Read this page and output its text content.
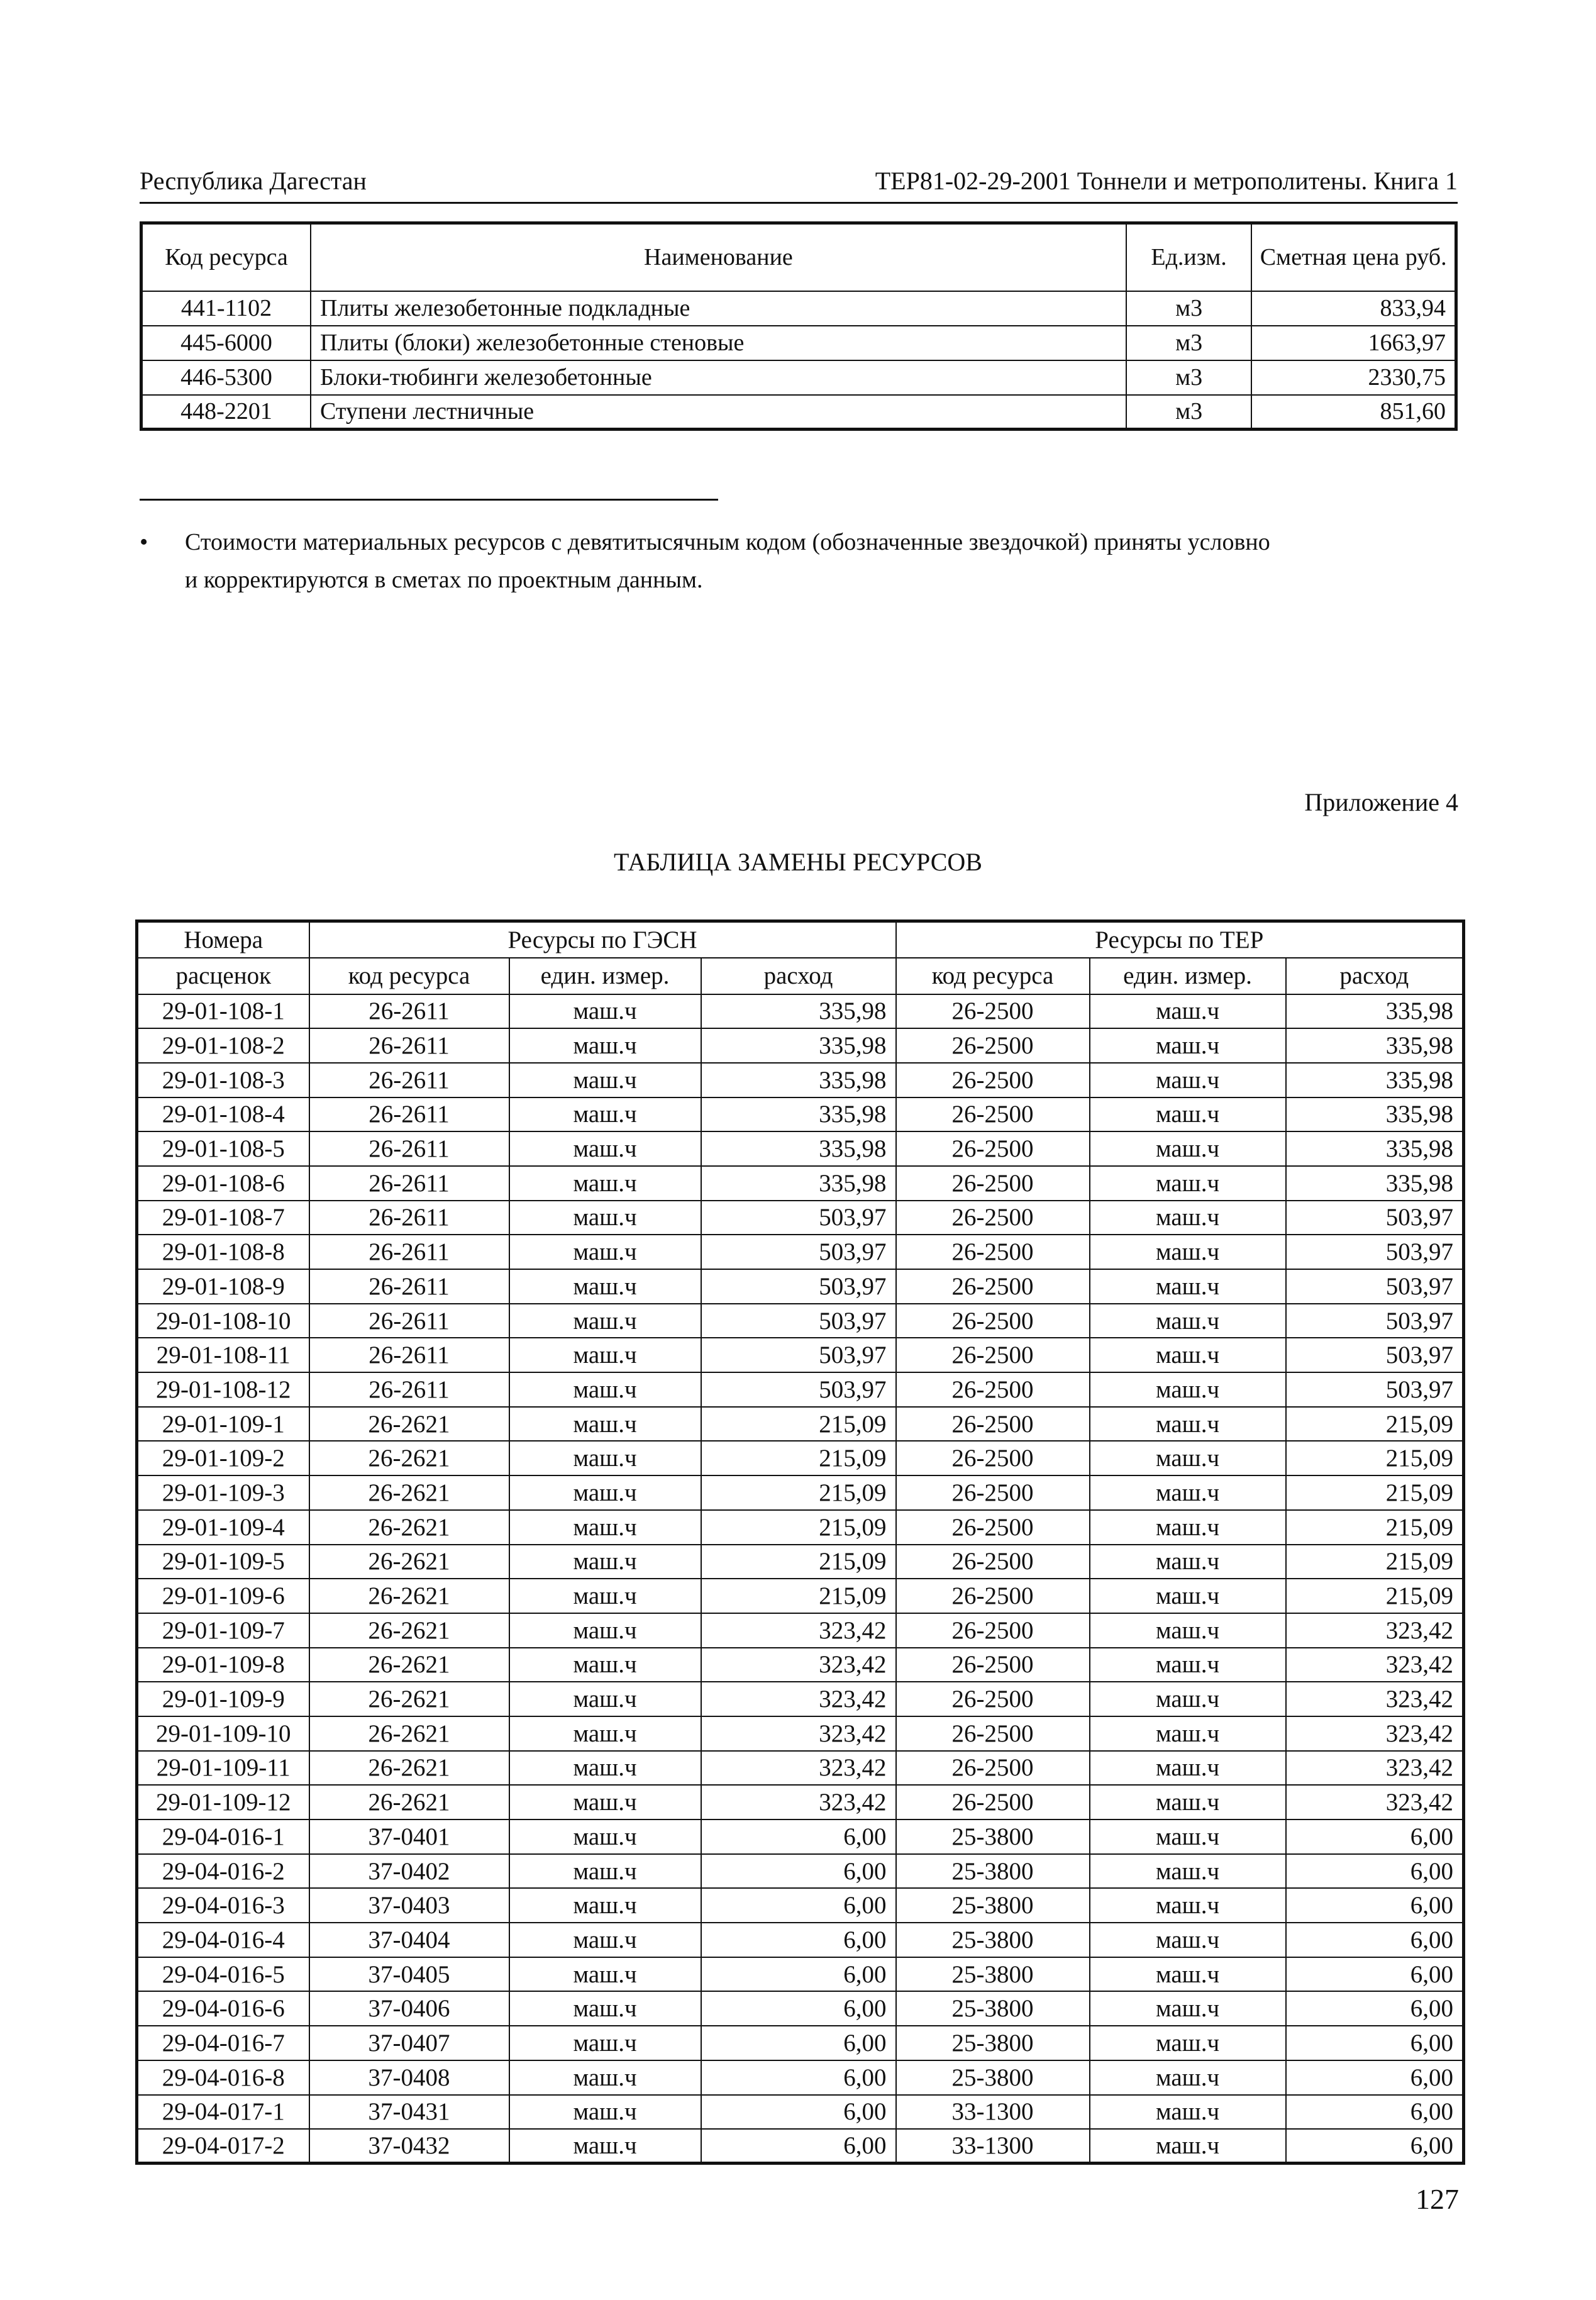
Республика Дагестан	ТЕР81-02-29-2001 Тоннели и метрополитены. Книга 1
Код ресурса	Наименование	Ед.изм.	Сметная цена руб.
441-1102	Плиты железобетонные подкладные	м3	833,94
445-6000	Плиты (блоки) железобетонные стеновые	м3	1663,97
446-5300	Блоки-тюбинги железобетонные	м3	2330,75
448-2201	Ступени лестничные	м3	851,60
• Стоимости материальных ресурсов с девятитысячным кодом (обозначенные звездочкой) приняты условно
и корректируются в сметах по проектным данным.
Приложение 4
ТАБЛИЦА ЗАМЕНЫ РЕСУРСОВ
Номера	Ресурсы по ГЭСН			Ресурсы по ТЕР		
расценок	код ресурса	един. измер.	расход	код ресурса	един. измер.	расход
29-01-108-1	26-2611	маш.ч	335,98	26-2500	маш.ч	335,98
29-01-108-2	26-2611	маш.ч	335,98	26-2500	маш.ч	335,98
29-01-108-3	26-2611	маш.ч	335,98	26-2500	маш.ч	335,98
29-01-108-4	26-2611	маш.ч	335,98	26-2500	маш.ч	335,98
29-01-108-5	26-2611	маш.ч	335,98	26-2500	маш.ч	335,98
29-01-108-6	26-2611	маш.ч	335,98	26-2500	маш.ч	335,98
29-01-108-7	26-2611	маш.ч	503,97	26-2500	маш.ч	503,97
29-01-108-8	26-2611	маш.ч	503,97	26-2500	маш.ч	503,97
29-01-108-9	26-2611	маш.ч	503,97	26-2500	маш.ч	503,97
29-01-108-10	26-2611	маш.ч	503,97	26-2500	маш.ч	503,97
29-01-108-11	26-2611	маш.ч	503,97	26-2500	маш.ч	503,97
29-01-108-12	26-2611	маш.ч	503,97	26-2500	маш.ч	503,97
29-01-109-1	26-2621	маш.ч	215,09	26-2500	маш.ч	215,09
29-01-109-2	26-2621	маш.ч	215,09	26-2500	маш.ч	215,09
29-01-109-3	26-2621	маш.ч	215,09	26-2500	маш.ч	215,09
29-01-109-4	26-2621	маш.ч	215,09	26-2500	маш.ч	215,09
29-01-109-5	26-2621	маш.ч	215,09	26-2500	маш.ч	215,09
29-01-109-6	26-2621	маш.ч	215,09	26-2500	маш.ч	215,09
29-01-109-7	26-2621	маш.ч	323,42	26-2500	маш.ч	323,42
29-01-109-8	26-2621	маш.ч	323,42	26-2500	маш.ч	323,42
29-01-109-9	26-2621	маш.ч	323,42	26-2500	маш.ч	323,42
29-01-109-10	26-2621	маш.ч	323,42	26-2500	маш.ч	323,42
29-01-109-11	26-2621	маш.ч	323,42	26-2500	маш.ч	323,42
29-01-109-12	26-2621	маш.ч	323,42	26-2500	маш.ч	323,42
29-04-016-1	37-0401	маш.ч	6,00	25-3800	маш.ч	6,00
29-04-016-2	37-0402	маш.ч	6,00	25-3800	маш.ч	6,00
29-04-016-3	37-0403	маш.ч	6,00	25-3800	маш.ч	6,00
29-04-016-4	37-0404	маш.ч	6,00	25-3800	маш.ч	6,00
29-04-016-5	37-0405	маш.ч	6,00	25-3800	маш.ч	6,00
29-04-016-6	37-0406	маш.ч	6,00	25-3800	маш.ч	6,00
29-04-016-7	37-0407	маш.ч	6,00	25-3800	маш.ч	6,00
29-04-016-8	37-0408	маш.ч	6,00	25-3800	маш.ч	6,00
29-04-017-1	37-0431	маш.ч	6,00	33-1300	маш.ч	6,00
29-04-017-2	37-0432	маш.ч	6,00	33-1300	маш.ч	6,00
127
